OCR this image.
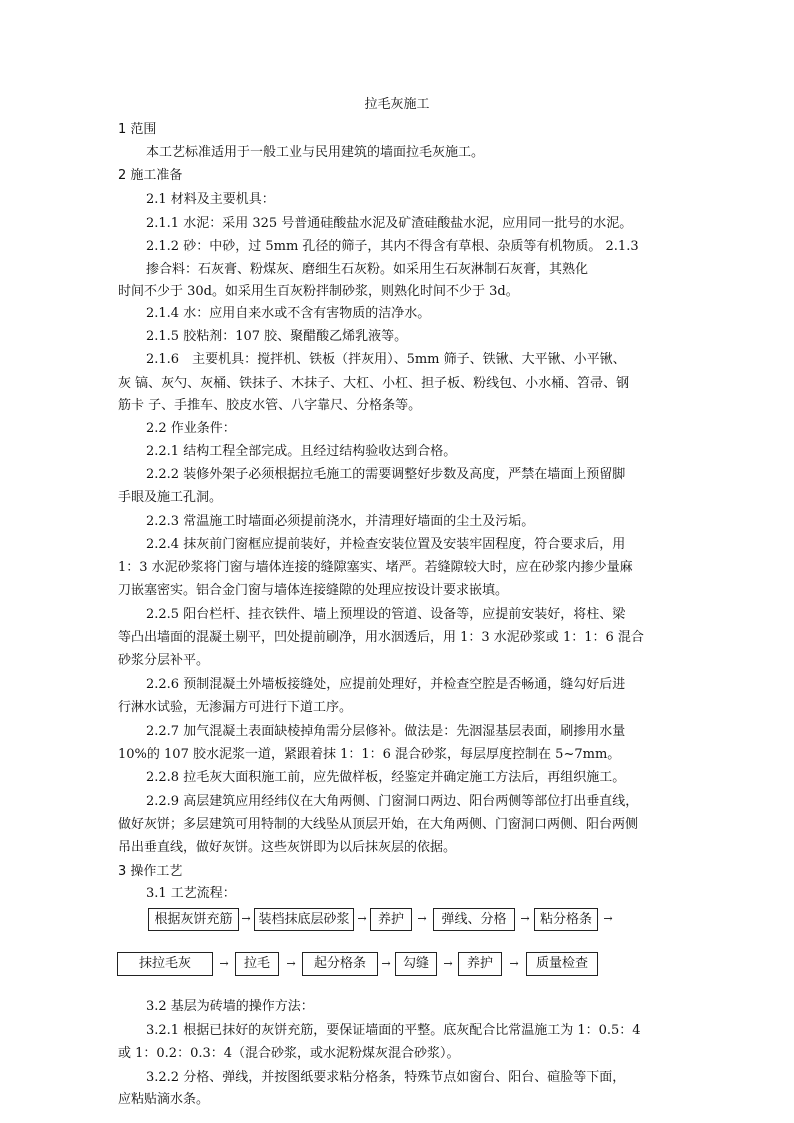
拉毛灰施工
1 范围
本工艺标准适用于一般工业与民用建筑的墙面拉毛灰施工。
2 施工准备
2.1 材料及主要机具：
2.1.1 水泥：采用 325 号普通硅酸盐水泥及矿渣硅酸盐水泥，应用同一批号的水泥。
2.1.2 砂：中砂，过 5mm 孔径的筛子，其内不得含有草根、杂质等有机物质。 2.1.3
掺合料：石灰膏、粉煤灰、磨细生石灰粉。如采用生石灰淋制石灰膏，其熟化
时间不少于 30d。如采用生百灰粉拌制砂浆，则熟化时间不少于 3d。
2.1.4 水：应用自来水或不含有害物质的洁净水。
2.1.5 胶粘剂：107 胶、聚醋酸乙烯乳液等。
2.1.6　主要机具：搅拌机、铁板（拌灰用）、5mm 筛子、铁锹、大平锹、小平锹、
灰 镐、灰勺、灰桶、铁抹子、木抹子、大杠、小杠、担子板、粉线包、小水桶、笤帚、钢
筋卡 子、手推车、胶皮水管、八字靠尺、分格条等。
2.2 作业条件：
2.2.1 结构工程全部完成。且经过结构验收达到合格。
2.2.2 装修外架子必须根据拉毛施工的需要调整好步数及高度，严禁在墙面上预留脚
手眼及施工孔洞。
2.2.3 常温施工时墙面必须提前浇水，并清理好墙面的尘土及污垢。
2.2.4 抹灰前门窗框应提前装好，并检查安装位置及安装牢固程度，符合要求后，用
1：3 水泥砂浆将门窗与墙体连接的缝隙塞实、堵严。若缝隙较大时，应在砂浆内掺少量麻
刀嵌塞密实。铝合金门窗与墙体连接缝隙的处理应按设计要求嵌填。
2.2.5 阳台栏杆、挂衣铁件、墙上预埋设的管道、设备等，应提前安装好，将柱、梁
等凸出墙面的混凝土剔平，凹处提前刷净，用水洇透后，用 1：3 水泥砂浆或 1：1：6 混合
砂浆分层补平。
2.2.6 预制混凝土外墙板接缝处，应提前处理好，并检查空腔是否畅通，缝勾好后进
行淋水试验，无渗漏方可进行下道工序。
2.2.7 加气混凝土表面缺棱掉角需分层修补。做法是：先洇湿基层表面，刷掺用水量
10%的 107 胶水泥浆一道，紧跟着抹 1：1：6 混合砂浆，每层厚度控制在 5~7mm。
2.2.8 拉毛灰大面积施工前，应先做样板，经鉴定并确定施工方法后，再组织施工。
2.2.9 高层建筑应用经纬仪在大角两侧、门窗洞口两边、阳台两侧等部位打出垂直线，
做好灰饼；多层建筑可用特制的大线坠从顶层开始，在大角两侧、门窗洞口两侧、阳台两侧
吊出垂直线，做好灰饼。这些灰饼即为以后抹灰层的依据。
3 操作工艺
3.1 工艺流程：
根据灰饼充筋 → 装档抹底层砂浆 → 养护	→	弹线、分格	→ 粘分格条	→
抹拉毛灰	→	拉毛	→	起分格条	→ 勾缝	→	养护	→	质量检查
3.2 基层为砖墙的操作方法：
3.2.1 根据已抹好的灰饼充筋，要保证墙面的平整。底灰配合比常温施工为 1：0.5：4
或 1：0.2：0.3：4（混合砂浆，或水泥粉煤灰混合砂浆）。
3.2.2 分格、弹线，并按图纸要求粘分格条，特殊节点如窗台、阳台、碹脸等下面，
应粘贴滴水条。
